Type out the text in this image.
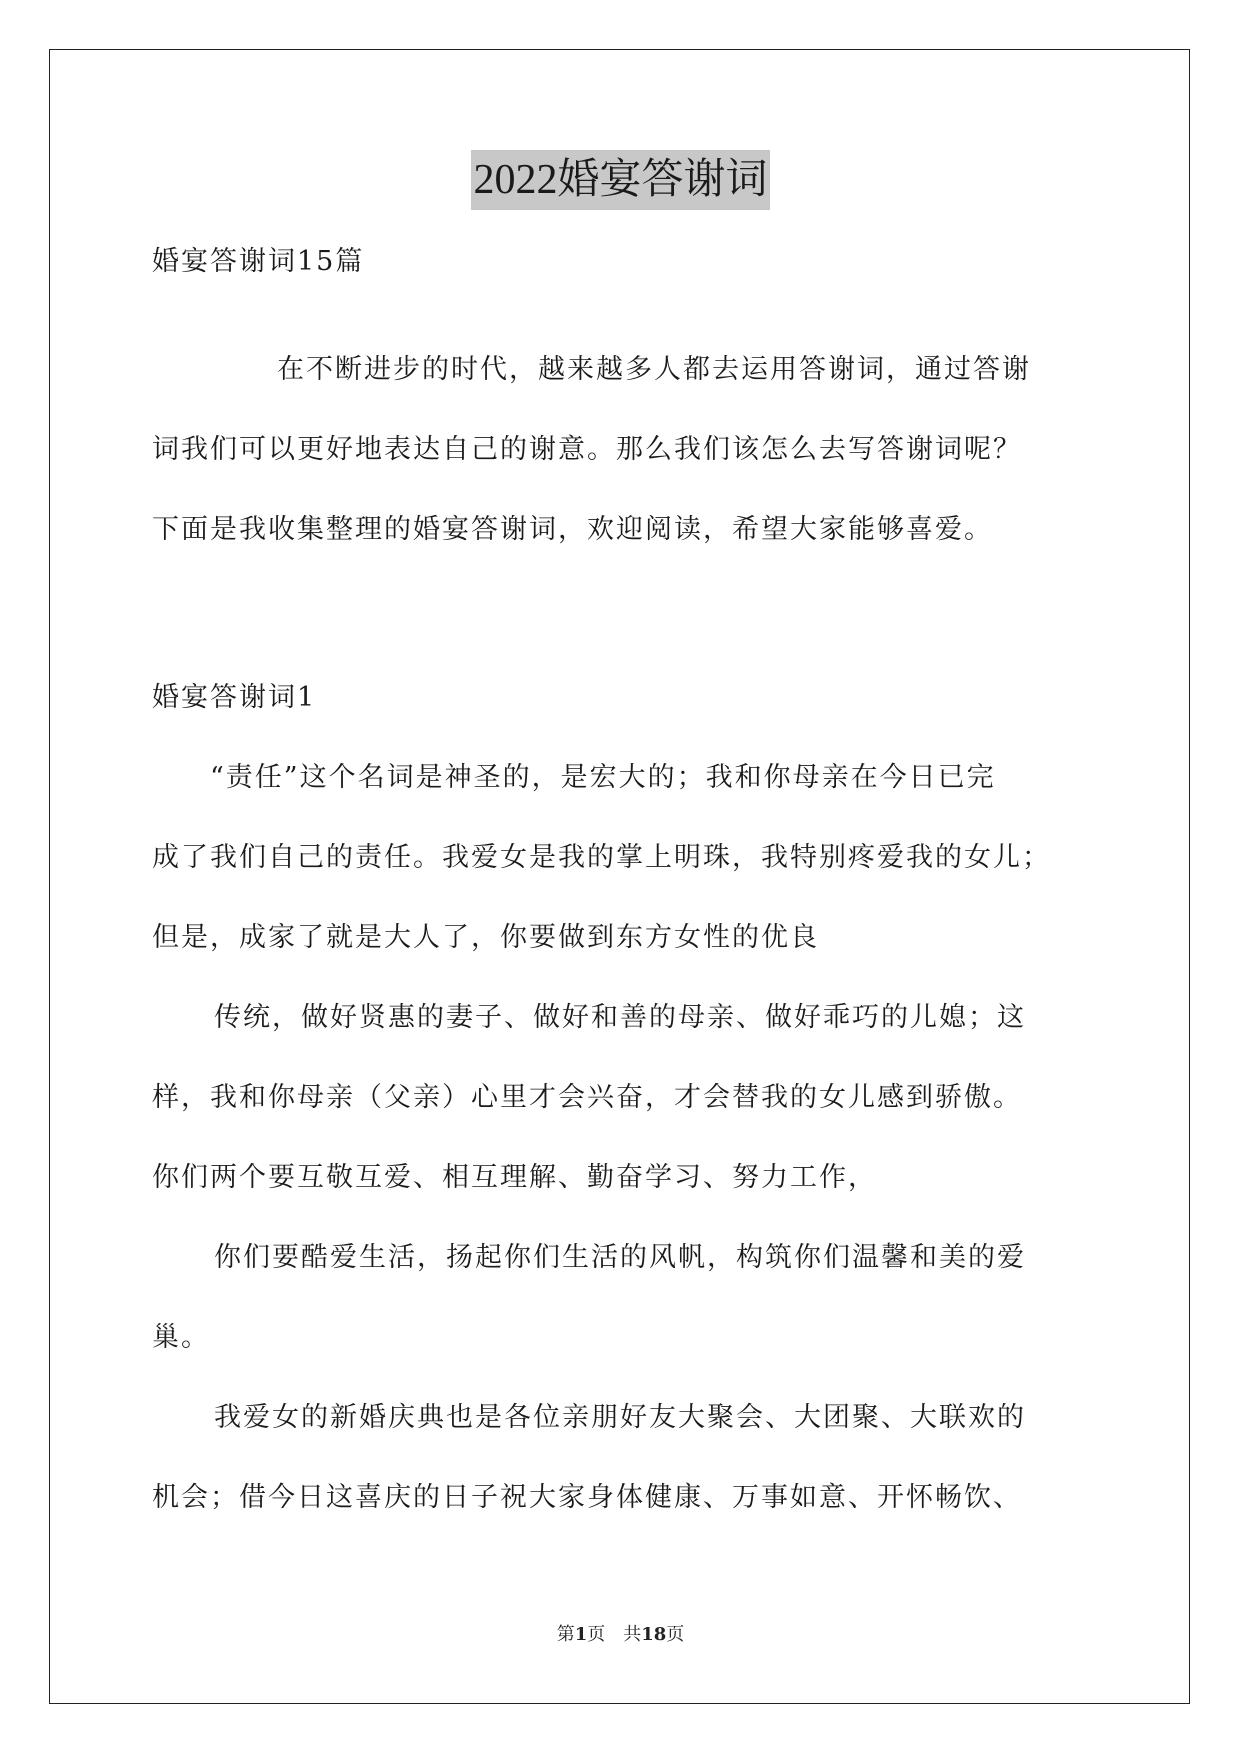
2022婚宴答谢词
婚宴答谢词15篇
在不断进步的时代，越来越多人都去运用答谢词，通过答谢
词我们可以更好地表达自己的谢意。那么我们该怎么去写答谢词呢？
下面是我收集整理的婚宴答谢词，欢迎阅读，希望大家能够喜爱。
婚宴答谢词1
“责任”这个名词是神圣的，是宏大的；我和你母亲在今日已完
成了我们自己的责任。我爱女是我的掌上明珠，我特别疼爱我的女儿；
但是，成家了就是大人了，你要做到东方女性的优良
传统，做好贤惠的妻子、做好和善的母亲、做好乖巧的儿媳；这
样，我和你母亲（父亲）心里才会兴奋，才会替我的女儿感到骄傲。
你们两个要互敬互爱、相互理解、勤奋学习、努力工作，
你们要酷爱生活，扬起你们生活的风帆，构筑你们温馨和美的爱
巢。
我爱女的新婚庆典也是各位亲朋好友大聚会、大团聚、大联欢的
机会；借今日这喜庆的日子祝大家身体健康、万事如意、开怀畅饮、
第1页　共18页
